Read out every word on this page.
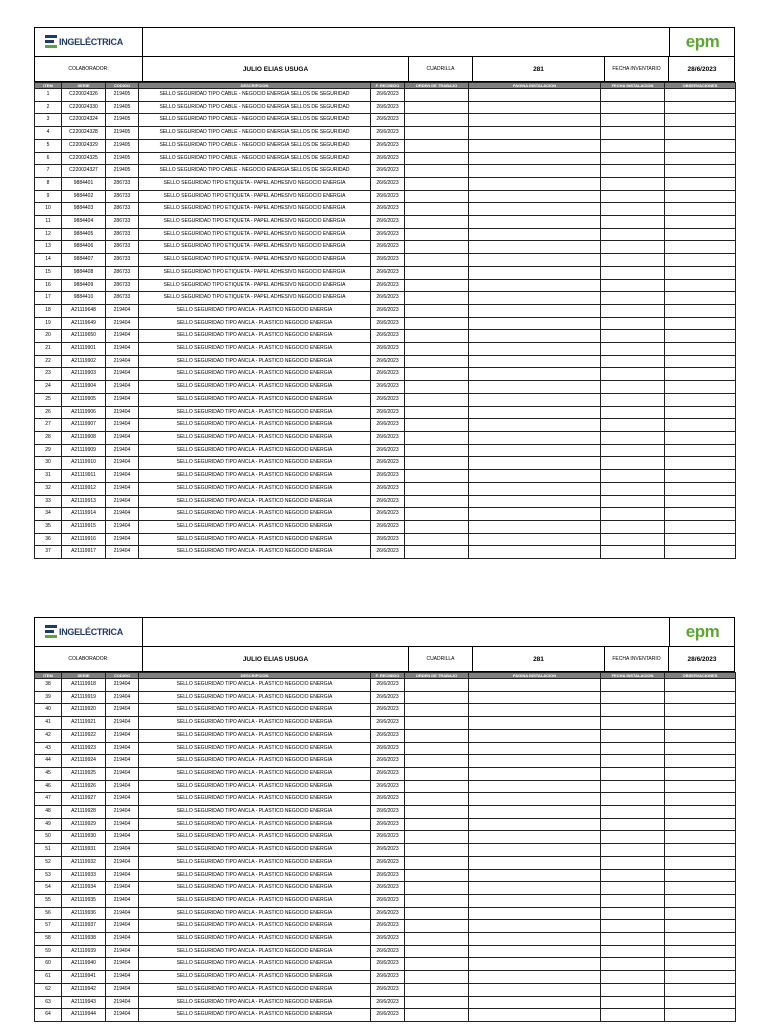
INGELÉCTRICA	epm
COLABORADOR:	JULIO ELIAS USUGA	CUADRILLA	281	FECHA INVENTARIO	28/6/2023
ITEM	SERIE	CODIGO	DESCRIPCION	F. RECIBIDO	ORDEN DE TRABAJO	PAGINA INSTALACION	FECHA INSTALACION	OBSERVACIONES
1	C220024326	219405	SELLO SEGURIDAD TIPO CABLE - NEGOCIO ENERGIA SELLOS DE SEGURIDAD	26/6/2023				
2	C220024330	219405	SELLO SEGURIDAD TIPO CABLE - NEGOCIO ENERGIA SELLOS DE SEGURIDAD	26/6/2023				
3	C220024324	219405	SELLO SEGURIDAD TIPO CABLE - NEGOCIO ENERGIA SELLOS DE SEGURIDAD	26/6/2023				
4	C220024328	219405	SELLO SEGURIDAD TIPO CABLE - NEGOCIO ENERGIA SELLOS DE SEGURIDAD	26/6/2023				
5	C220024329	219405	SELLO SEGURIDAD TIPO CABLE - NEGOCIO ENERGIA SELLOS DE SEGURIDAD	26/6/2023				
6	C220024325	219405	SELLO SEGURIDAD TIPO CABLE - NEGOCIO ENERGIA SELLOS DE SEGURIDAD	26/6/2023				
7	C220024327	219405	SELLO SEGURIDAD TIPO CABLE - NEGOCIO ENERGIA SELLOS DE SEGURIDAD	26/6/2023				
8	9884401	286733	SELLO SEGURIDAD TIPO ETIQUETA - PAPEL ADHESIVO NEGOCIO ENERGIA	26/6/2023				
9	9884402	286733	SELLO SEGURIDAD TIPO ETIQUETA - PAPEL ADHESIVO NEGOCIO ENERGIA	26/6/2023				
10	9884403	286733	SELLO SEGURIDAD TIPO ETIQUETA - PAPEL ADHESIVO NEGOCIO ENERGIA	26/6/2023				
11	9884404	286733	SELLO SEGURIDAD TIPO ETIQUETA - PAPEL ADHESIVO NEGOCIO ENERGIA	26/6/2023				
12	9884405	286733	SELLO SEGURIDAD TIPO ETIQUETA - PAPEL ADHESIVO NEGOCIO ENERGIA	26/6/2023				
13	9884406	286733	SELLO SEGURIDAD TIPO ETIQUETA - PAPEL ADHESIVO NEGOCIO ENERGIA	26/6/2023				
14	9884407	286733	SELLO SEGURIDAD TIPO ETIQUETA - PAPEL ADHESIVO NEGOCIO ENERGIA	26/6/2023				
15	9884408	286733	SELLO SEGURIDAD TIPO ETIQUETA - PAPEL ADHESIVO NEGOCIO ENERGIA	26/6/2023				
16	9884409	286733	SELLO SEGURIDAD TIPO ETIQUETA - PAPEL ADHESIVO NEGOCIO ENERGIA	26/6/2023				
17	9884410	286733	SELLO SEGURIDAD TIPO ETIQUETA - PAPEL ADHESIVO NEGOCIO ENERGIA	26/6/2023				
18	A21119648	219404	SELLO SEGURIDAD TIPO ANCLA - PLASTICO NEGOCIO ENERGIA	26/6/2023				
19	A21119649	219404	SELLO SEGURIDAD TIPO ANCLA - PLASTICO NEGOCIO ENERGIA	26/6/2023				
20	A21119650	219404	SELLO SEGURIDAD TIPO ANCLA - PLASTICO NEGOCIO ENERGIA	26/6/2023				
21	A21119901	219404	SELLO SEGURIDAD TIPO ANCLA - PLASTICO NEGOCIO ENERGIA	26/6/2023				
22	A21119902	219404	SELLO SEGURIDAD TIPO ANCLA - PLASTICO NEGOCIO ENERGIA	26/6/2023				
23	A21119903	219404	SELLO SEGURIDAD TIPO ANCLA - PLASTICO NEGOCIO ENERGIA	26/6/2023				
24	A21119904	219404	SELLO SEGURIDAD TIPO ANCLA - PLASTICO NEGOCIO ENERGIA	26/6/2023				
25	A21119905	219404	SELLO SEGURIDAD TIPO ANCLA - PLASTICO NEGOCIO ENERGIA	26/6/2023				
26	A21119906	219404	SELLO SEGURIDAD TIPO ANCLA - PLASTICO NEGOCIO ENERGIA	26/6/2023				
27	A21119907	219404	SELLO SEGURIDAD TIPO ANCLA - PLASTICO NEGOCIO ENERGIA	26/6/2023				
28	A21119908	219404	SELLO SEGURIDAD TIPO ANCLA - PLASTICO NEGOCIO ENERGIA	26/6/2023				
29	A21119909	219404	SELLO SEGURIDAD TIPO ANCLA - PLASTICO NEGOCIO ENERGIA	26/6/2023				
30	A21119910	219404	SELLO SEGURIDAD TIPO ANCLA - PLASTICO NEGOCIO ENERGIA	26/6/2023				
31	A21119911	219404	SELLO SEGURIDAD TIPO ANCLA - PLASTICO NEGOCIO ENERGIA	26/6/2023				
32	A21119912	219404	SELLO SEGURIDAD TIPO ANCLA - PLASTICO NEGOCIO ENERGIA	26/6/2023				
33	A21119913	219404	SELLO SEGURIDAD TIPO ANCLA - PLASTICO NEGOCIO ENERGIA	26/6/2023				
34	A21119914	219404	SELLO SEGURIDAD TIPO ANCLA - PLASTICO NEGOCIO ENERGIA	26/6/2023				
35	A21119915	219404	SELLO SEGURIDAD TIPO ANCLA - PLASTICO NEGOCIO ENERGIA	26/6/2023				
36	A21119916	219404	SELLO SEGURIDAD TIPO ANCLA - PLASTICO NEGOCIO ENERGIA	26/6/2023				
37	A21119917	219404	SELLO SEGURIDAD TIPO ANCLA - PLASTICO NEGOCIO ENERGIA	26/6/2023				
INGELÉCTRICA	epm
COLABORADOR:	JULIO ELIAS USUGA	CUADRILLA	281	FECHA INVENTARIO	28/6/2023
ITEM	SERIE	CODIGO	DESCRIPCION	F. RECIBIDO	ORDEN DE TRABAJO	PAGINA INSTALACION	FECHA INSTALACION	OBSERVACIONES
38	A21119918	219404	SELLO SEGURIDAD TIPO ANCLA - PLASTICO NEGOCIO ENERGIA	26/6/2023				
39	A21119919	219404	SELLO SEGURIDAD TIPO ANCLA - PLASTICO NEGOCIO ENERGIA	26/6/2023				
40	A21119920	219404	SELLO SEGURIDAD TIPO ANCLA - PLASTICO NEGOCIO ENERGIA	26/6/2023				
41	A21119921	219404	SELLO SEGURIDAD TIPO ANCLA - PLASTICO NEGOCIO ENERGIA	26/6/2023				
42	A21119922	219404	SELLO SEGURIDAD TIPO ANCLA - PLASTICO NEGOCIO ENERGIA	26/6/2023				
43	A21119923	219404	SELLO SEGURIDAD TIPO ANCLA - PLASTICO NEGOCIO ENERGIA	26/6/2023				
44	A21119924	219404	SELLO SEGURIDAD TIPO ANCLA - PLASTICO NEGOCIO ENERGIA	26/6/2023				
45	A21119925	219404	SELLO SEGURIDAD TIPO ANCLA - PLASTICO NEGOCIO ENERGIA	26/6/2023				
46	A21119926	219404	SELLO SEGURIDAD TIPO ANCLA - PLASTICO NEGOCIO ENERGIA	26/6/2023				
47	A21119927	219404	SELLO SEGURIDAD TIPO ANCLA - PLASTICO NEGOCIO ENERGIA	26/6/2023				
48	A21119928	219404	SELLO SEGURIDAD TIPO ANCLA - PLASTICO NEGOCIO ENERGIA	26/6/2023				
49	A21119929	219404	SELLO SEGURIDAD TIPO ANCLA - PLASTICO NEGOCIO ENERGIA	26/6/2023				
50	A21119930	219404	SELLO SEGURIDAD TIPO ANCLA - PLASTICO NEGOCIO ENERGIA	26/6/2023				
51	A21119931	219404	SELLO SEGURIDAD TIPO ANCLA - PLASTICO NEGOCIO ENERGIA	26/6/2023				
52	A21119932	219404	SELLO SEGURIDAD TIPO ANCLA - PLASTICO NEGOCIO ENERGIA	26/6/2023				
53	A21119933	219404	SELLO SEGURIDAD TIPO ANCLA - PLASTICO NEGOCIO ENERGIA	26/6/2023				
54	A21119934	219404	SELLO SEGURIDAD TIPO ANCLA - PLASTICO NEGOCIO ENERGIA	26/6/2023				
55	A21119935	219404	SELLO SEGURIDAD TIPO ANCLA - PLASTICO NEGOCIO ENERGIA	26/6/2023				
56	A21119936	219404	SELLO SEGURIDAD TIPO ANCLA - PLASTICO NEGOCIO ENERGIA	26/6/2023				
57	A21119937	219404	SELLO SEGURIDAD TIPO ANCLA - PLASTICO NEGOCIO ENERGIA	26/6/2023				
58	A21119938	219404	SELLO SEGURIDAD TIPO ANCLA - PLASTICO NEGOCIO ENERGIA	26/6/2023				
59	A21119939	219404	SELLO SEGURIDAD TIPO ANCLA - PLASTICO NEGOCIO ENERGIA	26/6/2023				
60	A21119940	219404	SELLO SEGURIDAD TIPO ANCLA - PLASTICO NEGOCIO ENERGIA	26/6/2023				
61	A21119941	219404	SELLO SEGURIDAD TIPO ANCLA - PLASTICO NEGOCIO ENERGIA	26/6/2023				
62	A21119942	219404	SELLO SEGURIDAD TIPO ANCLA - PLASTICO NEGOCIO ENERGIA	26/6/2023				
63	A21119943	219404	SELLO SEGURIDAD TIPO ANCLA - PLASTICO NEGOCIO ENERGIA	26/6/2023				
64	A21119944	219404	SELLO SEGURIDAD TIPO ANCLA - PLASTICO NEGOCIO ENERGIA	26/6/2023				
